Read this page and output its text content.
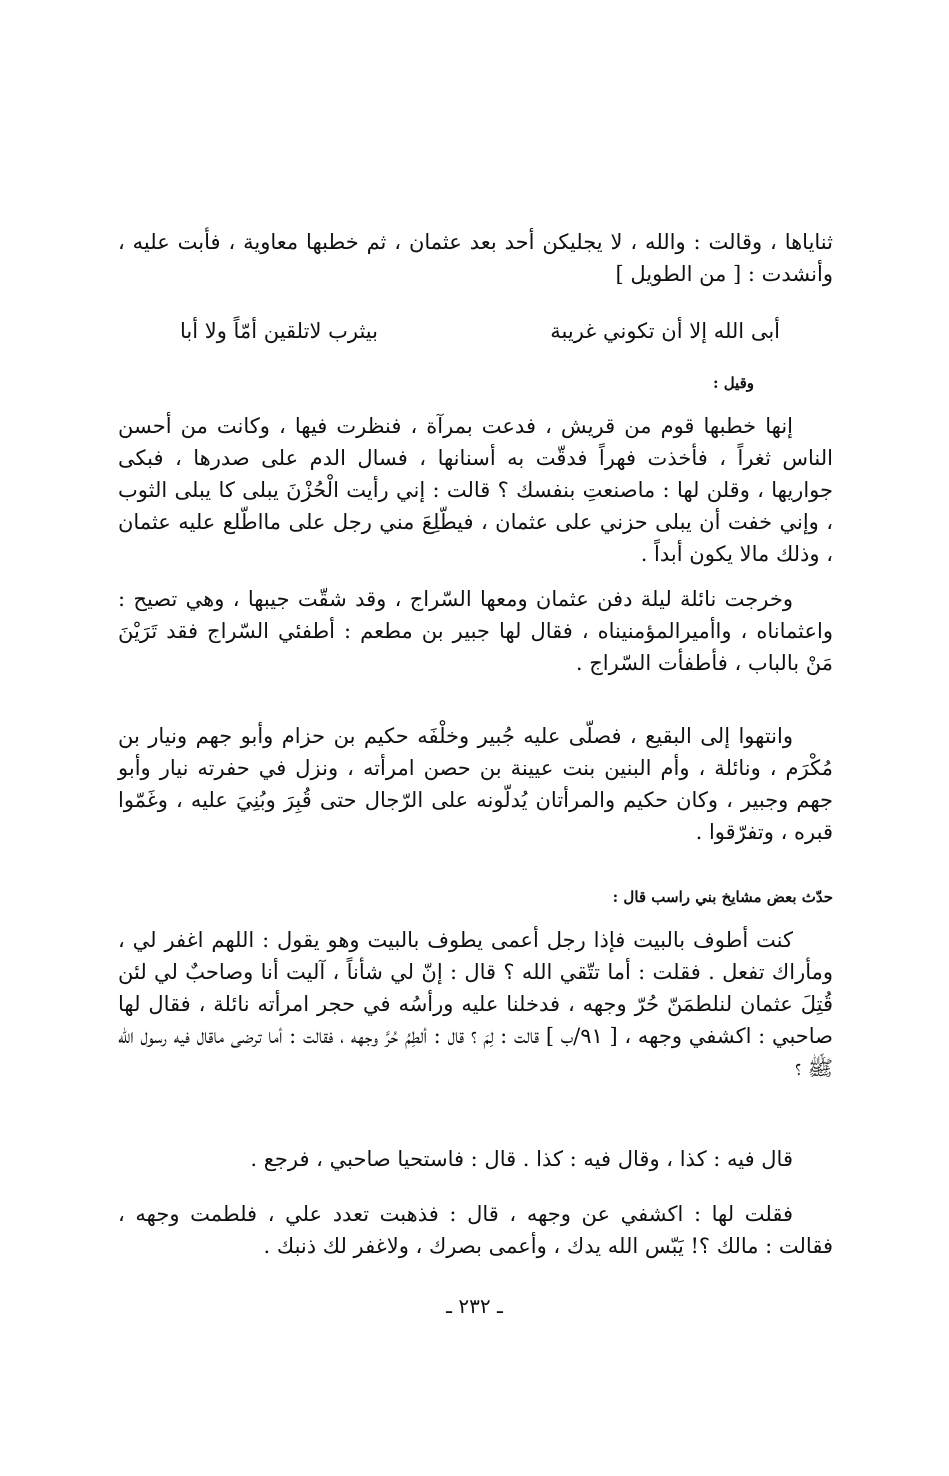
ثناياها ، وقالت : والله ، لا يجليكن أحد بعد عثمان ، ثم خطبها معاوية ، فأبت عليه ،

وأنشدت : [ من الطويل ]

أبى الله إلا أن تكوني غريبة
بيثرب لاتلقين أمّاً ولا أبا
وقيل :

إنها خطبها قوم من قريش ، فدعت بمرآة ، فنظرت فيها ، وكانت من أحسن الناس ثغراً ، فأخذت فهراً فدقّت به أسنانها ، فسال الدم على صدرها ، فبكى جواريها ، وقلن لها : ماصنعتِ بنفسك ؟ قالت : إني رأيت الْحُزْنَ يبلى كا يبلى الثوب ، وإني خفت أن يبلى حزني على عثمان ، فيطّلِعَ مني رجل على مااطّلع عليه عثمان ، وذلك مالا يكون أبداً .

وخرجت نائلة ليلة دفن عثمان ومعها السّراج ، وقد شقّت جيبها ، وهي تصيح : واعثماناه ، واأميرالمؤمنيناه ، فقال لها جبير بن مطعم : أطفئي السّراج فقد تَرَيْنَ مَنْ بالباب ، فأطفأت السّراج .

وانتهوا إلى البقيع ، فصلّى عليه جُبير وخلْفَه حكيم بن حزام وأبو جهم ونيار بن مُكْرَم ، ونائلة ، وأم البنين بنت عيينة بن حصن امرأته ، ونزل في حفرته نيار وأبو جهم وجبير ، وكان حكيم والمرأتان يُدلّونه على الرّجال حتى قُبِرَ وبُنِيَ عليه ، وغَمّوا قبره ، وتفرّقوا .

حدّث بعض مشايخ بني راسب قال :

كنت أطوف بالبيت فإذا رجل أعمى يطوف بالبيت وهو يقول : اللهم اغفر لي ، ومأراك تفعل . فقلت : أما تتّقي الله ؟ قال : إنّ لي شأناً ، آليت أنا وصاحبٌ لي لئن قُتِلَ عثمان لنلطمَنّ حُرّ وجهه ، فدخلنا عليه ورأسُه في حجر امرأته نائلة ، فقال لها صاحبي : اكشفي وجهه ، [ ٩١/ب ] قالت : لِمَ ؟ قال : ألطِمُ حُرَّ وجهه ، فقالت : أما ترضى ماقال فيه رسول الله ﷺ ؟

قال فيه : كذا ، وقال فيه : كذا . قال : فاستحيا صاحبي ، فرجع .

فقلت لها : اكشفي عن وجهه ، قال : فذهبت تعدد علي ، فلطمت وجهه ،

فقالت : مالك ؟! يَبّس الله يدك ، وأعمى بصرك ، ولاغفر لك ذنبك .

ـ ٢٣٢ ـ
